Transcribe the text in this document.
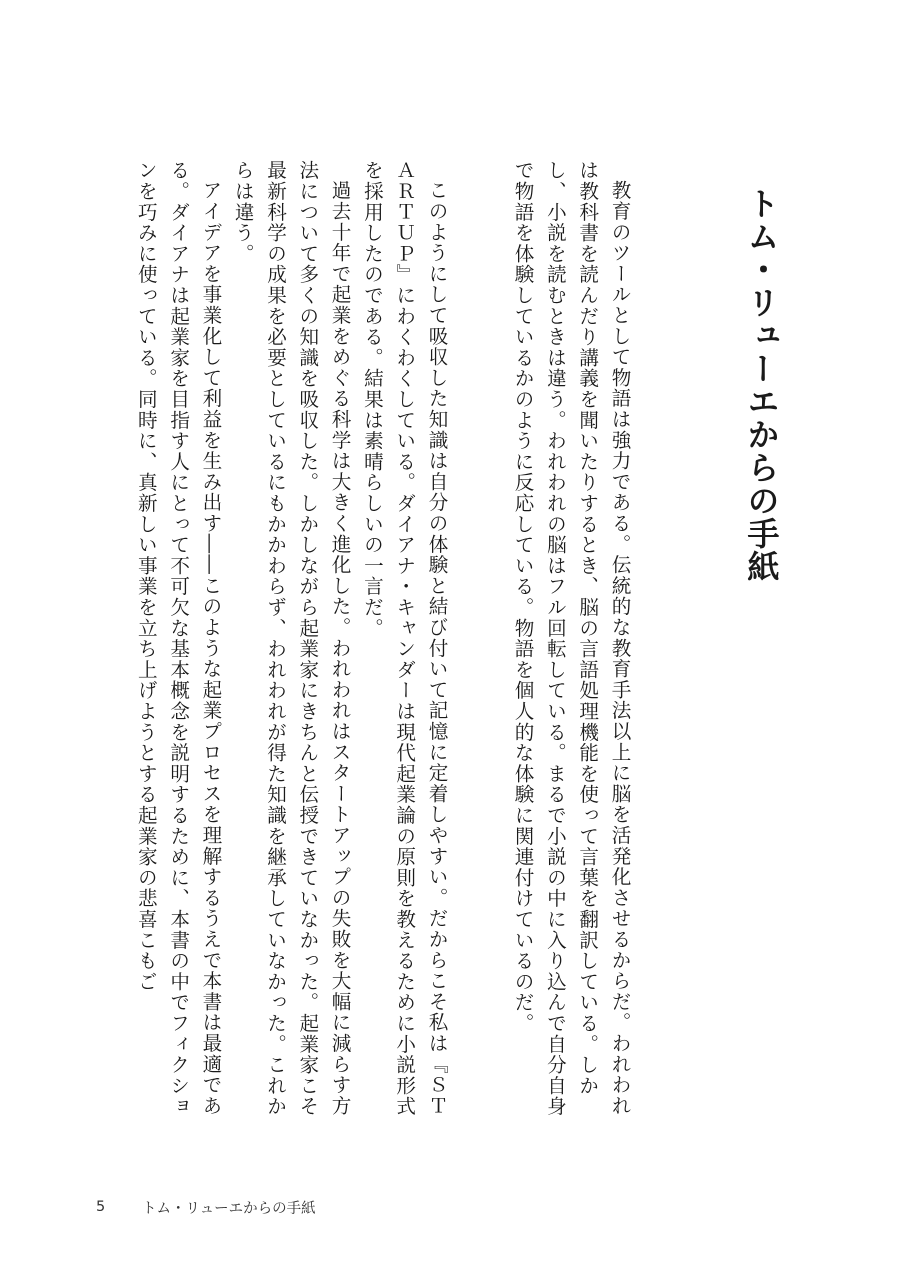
トム・リューエからの手紙

教育のツールとして物語は強力である。伝統的な教育手法以上に脳を活発化させるからだ。われわれは教科書を読んだり講義を聞いたりするとき、脳の言語処理機能を使って言葉を翻訳している。しかし、小説を読むときは違う。われわれの脳はフル回転している。まるで小説の中に入り込んで自分自身で物語を体験しているかのように反応している。物語を個人的な体験に関連付けているのだ。

このようにして吸収した知識は自分の体験と結び付いて記憶に定着しやすい。だからこそ私は『ＳＴＡＲＴＵＰ』にわくわくしている。ダイアナ・キャンダーは現代起業論の原則を教えるために小説形式を採用したのである。結果は素晴らしいの一言だ。

過去十年で起業をめぐる科学は大きく進化した。われわれはスタートアップの失敗を大幅に減らす方法について多くの知識を吸収した。しかしながら起業家にきちんと伝授できていなかった。起業家こそ最新科学の成果を必要としているにもかかわらず、われわれが得た知識を継承していなかった。これからは違う。

アイデアを事業化して利益を生み出す――このような起業プロセスを理解するうえで本書は最適である。ダイアナは起業家を目指す人にとって不可欠な基本概念を説明するために、本書の中でフィクションを巧みに使っている。同時に、真新しい事業を立ち上げようとする起業家の悲喜こもご

5	トム・リューエからの手紙
